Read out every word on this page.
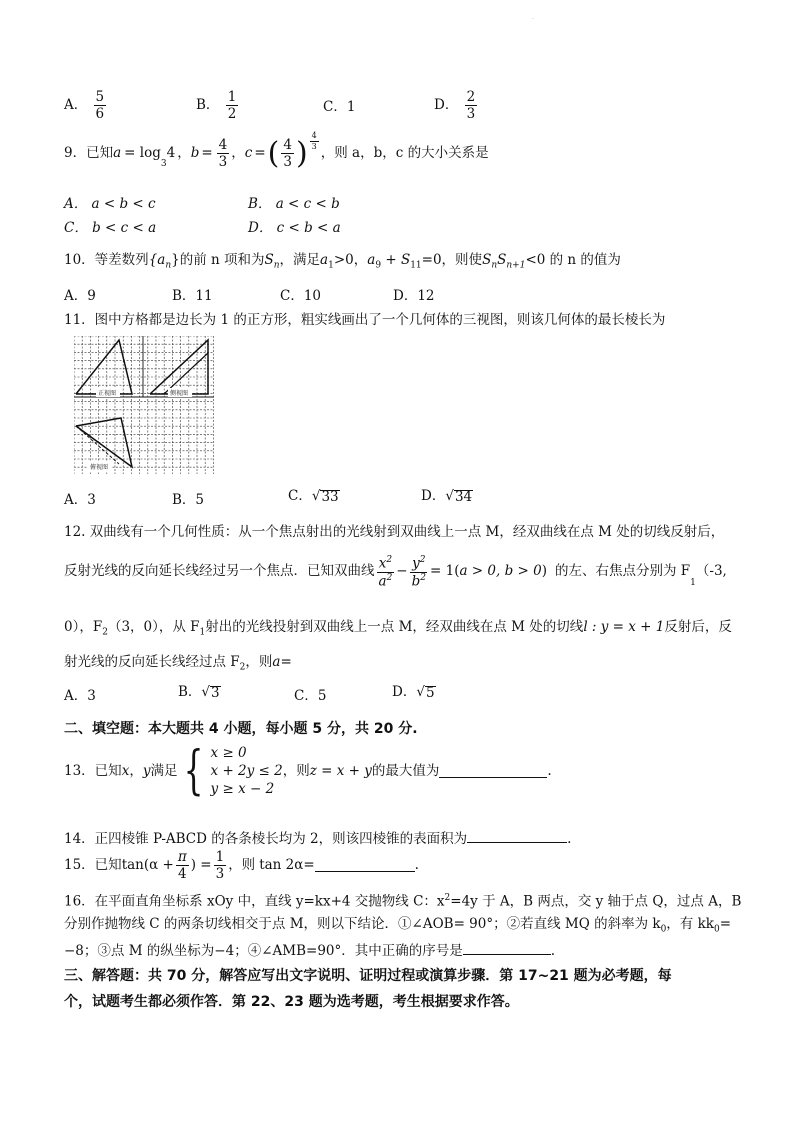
·
A． $\frac{5}{6}$	B． $\frac{1}{2}$	C．1	D． $\frac{2}{3}$
9．已知 a = log
$_3$
4 ， $b = \frac{4}{3}$ ， c = ( $\frac{4}{3}$ ) $\frac{4}{3}$
，则 a，b，c 的大小关系是
A． a < b < c	B． a < c < b
C． b < c < a	D． c < b < a
10．等差数列$\{a_n\}$的前 n 项和为$S_n$，满足$a_1>0$，$a_9 + S_{11}=0$，则使$S_nS_{n+1}<0$ 的 n 的值为
A．9	B．11	C．10	D．12
11．图中方格都是边长为 1 的正方形，粗实线画出了一个几何体的三视图，则该几何体的最长棱长为
正视图	侧视图
俯视图
A．3	B．5	C．√ 33	D．√ 34
12. 双曲线有一个几何性质：从一个焦点射出的光线射到双曲线上一点 M，经双曲线在点 M 处的切线反射后，
反射光线的反向延长线经过另一个焦点．已知双曲线 $\frac{x^2}{a^2} - \frac{y^2}{b^2} = 1$( a > 0, b > 0 ) 的左、右焦点分别为 F
1
（-3,
0），$F_2(3$，0），从 $F_1$射出的光线投射到双曲线上一点 M，经双曲线在点 M 处的切线l : y = x + 1反射后，反
射光线的反向延长线经过点 $F_2$，则a=
A．3	B．√ 3	C．5	D．√ 5
二、填空题：本大题共 4 小题，每小题 5 分，共 20 分.
13．已知 x ， y 满足 { x ≥ 0
x + 2y ≤ 2
y ≥ x − 2
，则 z = x + y 的最大值为	.
14．正四棱锥 P-ABCD 的各条棱长均为 2，则该四棱锥的表面积为	.
15．已知 $\tan(\alpha + \frac{\pi}{4}$ ) = $\frac{1}{3}$ ，则 tan 2α =	.
16．在平面直角坐标系 xOy 中，直线 y=kx+4 交抛物线 C：$x^2=4y$ 于 A，B 两点，交 y 轴于点 Q，过点 A，B
分别作抛物线 C 的两条切线相交于点 M，则以下结论．①∠AOB= 90°；②若直线 MQ 的斜率为 $k_0$，有 $kk_0=$
−8；③点 M 的纵坐标为−4；④∠AMB=90°．其中正确的序号是	.
三、解答题：共 70 分，解答应写出文字说明、证明过程或演算步骤．第 17~21 题为必考题，每
个，试题考生都必须作答．第 22、23 题为选考题，考生根据要求作答。
